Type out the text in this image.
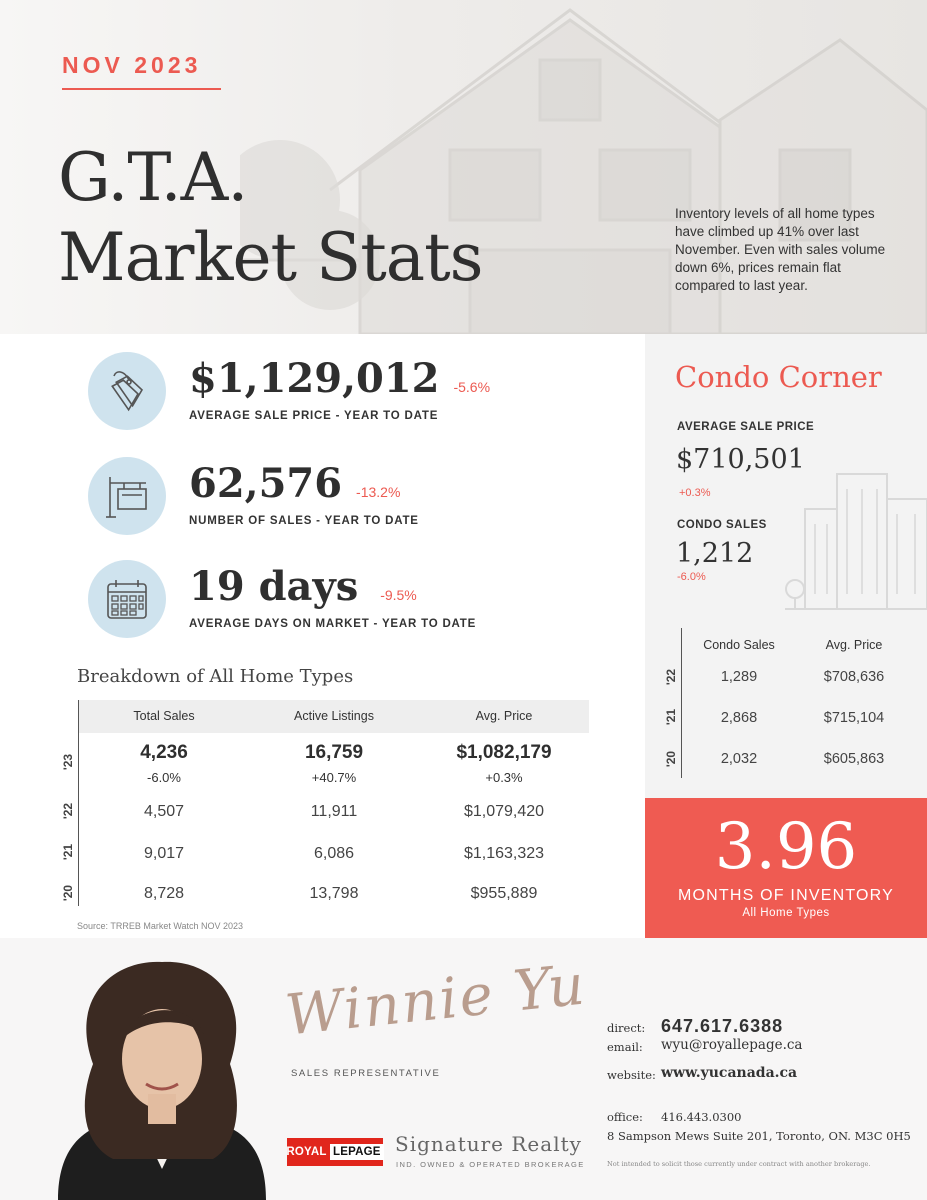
NOV 2023
G.T.A.
Market Stats
Inventory levels of all home types have climbed up 41% over last November. Even with sales volume down 6%, prices remain flat compared to last year.
$1,129,012 -5.6%
AVERAGE SALE PRICE - YEAR TO DATE
62,576 -13.2%
NUMBER OF SALES - YEAR TO DATE
19 days -9.5%
AVERAGE DAYS ON MARKET - YEAR TO DATE
Breakdown of All Home Types
Total Sales	Active Listings	Avg. Price
'23	4,236	16,759	$1,082,179
-6.0%	+40.7%	+0.3%
'22	4,507	11,911	$1,079,420
'21	9,017	6,086	$1,163,323
'20	8,728	13,798	$955,889
Source: TRREB Market Watch NOV 2023
Condo Corner
AVERAGE SALE PRICE
$710,501
+0.3%
CONDO SALES
1,212
-6.0%
Condo Sales	Avg. Price
'22	1,289	$708,636
'21	2,868	$715,104
'20	2,032	$605,863
3.96
MONTHS OF INVENTORY
All Home Types
Winnie Yu
SALES REPRESENTATIVE
ROYAL
LEPAGE Signature Realty
IND. OWNED & OPERATED BROKERAGE
direct: 647.617.6388
email: wyu@royallepage.ca
website: www.yucanada.ca
office: 416.443.0300
8 Sampson Mews Suite 201, Toronto, ON. M3C 0H5
Not intended to solicit those currently under contract with another brokerage.
